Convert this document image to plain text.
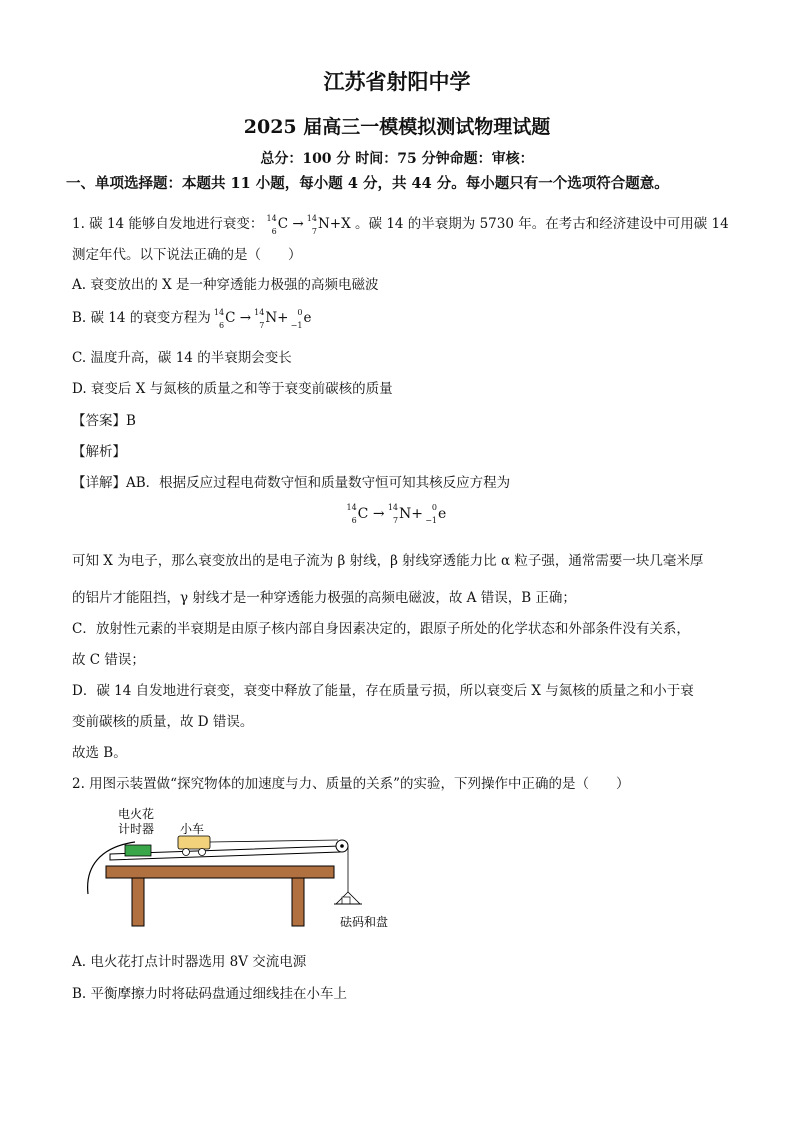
江苏省射阳中学
2025 届高三一模模拟测试物理试题
总分：100 分 时间：75 分钟命题：审核：
一、单项选择题：本题共 11 小题，每小题 4 分，共 44 分。每小题只有一个选项符合题意。
1. 碳 14 能够自发地进行衰变： 14
6 C → 14
7 N+X 。碳 14 的半衰期为 5730 年。在考古和经济建设中可用碳 14
测定年代。以下说法正确的是（　　）
A. 衰变放出的 X 是一种穿透能力极强的高频电磁波
B. 碳 14 的衰变方程为
14
6 C → 14
7 N+ 0
−1 e
C. 温度升高，碳 14 的半衰期会变长
D. 衰变后 X 与氮核的质量之和等于衰变前碳核的质量
【答案】B
【解析】
【详解】AB．根据反应过程电荷数守恒和质量数守恒可知其核反应方程为
14
6 C → 14
7 N+ 0
−1 e
可知 X 为电子，那么衰变放出的是电子流为 β 射线，β 射线穿透能力比 α 粒子强，通常需要一块几毫米厚
的铝片才能阻挡，γ 射线才是一种穿透能力极强的高频电磁波，故 A 错误，B 正确；
C．放射性元素的半衰期是由原子核内部自身因素决定的，跟原子所处的化学状态和外部条件没有关系，
故 C 错误；
D．碳 14 自发地进行衰变，衰变中释放了能量，存在质量亏损，所以衰变后 X 与氮核的质量之和小于衰
变前碳核的质量，故 D 错误。
故选 B。
2. 用图示装置做“探究物体的加速度与力、质量的关系”的实验，下列操作中正确的是（　　）
电火花
计时器 小车
砝码和盘
A. 电火花打点计时器选用 8V 交流电源
B. 平衡摩擦力时将砝码盘通过细线挂在小车上
